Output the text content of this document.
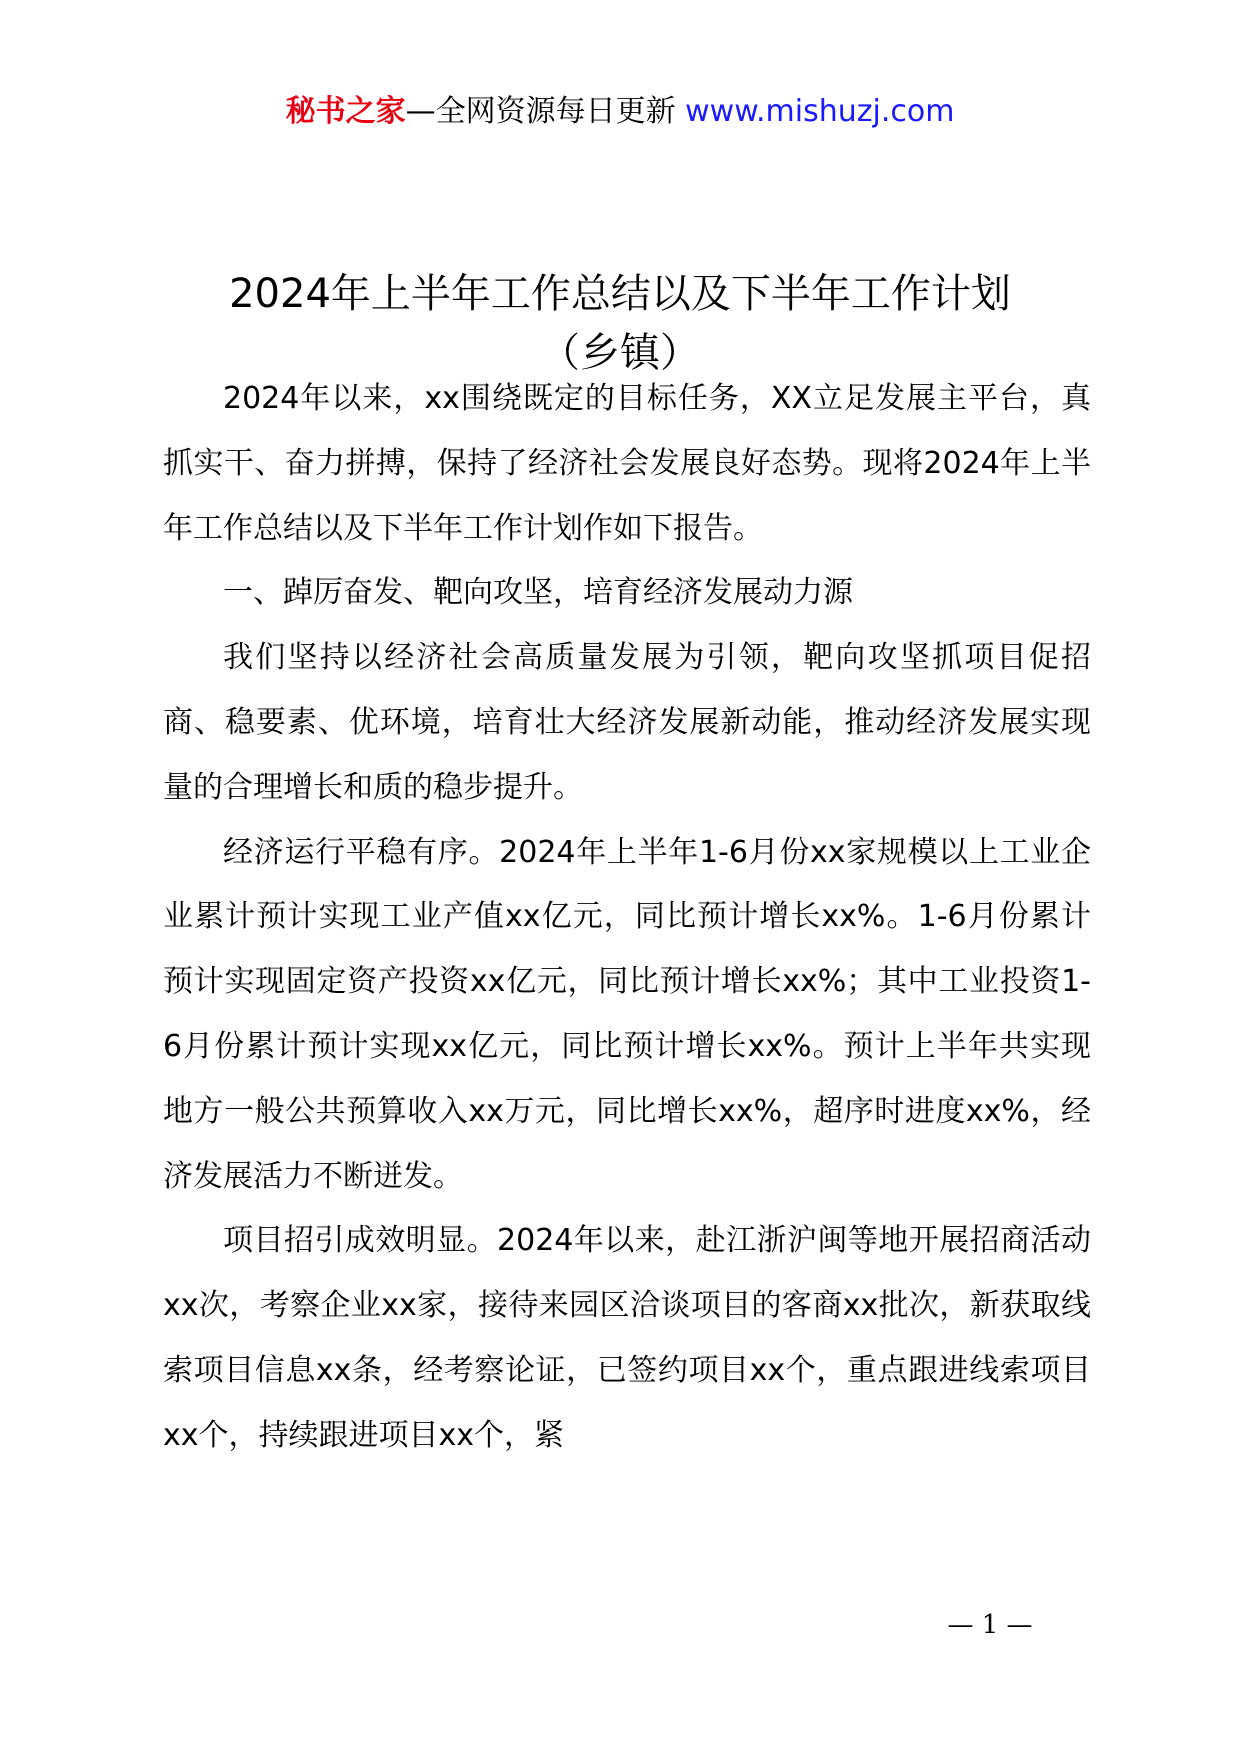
秘书之家—全网资源每日更新 www.mishuzj.com
2024年上半年工作总结以及下半年工作计划
（乡镇）

2024年以来，xx围绕既定的目标任务，XX立足发展主平台，真抓实干、奋力拼搏，保持了经济社会发展良好态势。现将2024年上半年工作总结以及下半年工作计划作如下报告。

一、踔厉奋发、靶向攻坚，培育经济发展动力源

我们坚持以经济社会高质量发展为引领，靶向攻坚抓项目促招商、稳要素、优环境，培育壮大经济发展新动能，推动经济发展实现量的合理增长和质的稳步提升。

经济运行平稳有序。2024年上半年1-6月份xx家规模以上工业企业累计预计实现工业产值xx亿元，同比预计增长xx%。1-6月份累计预计实现固定资产投资xx亿元，同比预计增长xx%；其中工业投资1-6月份累计预计实现xx亿元，同比预计增长xx%。预计上半年共实现地方一般公共预算收入xx万元，同比增长xx%，超序时进度xx%，经济发展活力不断迸发。

项目招引成效明显。2024年以来，赴江浙沪闽等地开展招商活动xx次，考察企业xx家，接待来园区洽谈项目的客商xx批次，新获取线索项目信息xx条，经考察论证，已签约项目xx个，重点跟进线索项目xx个，持续跟进项目xx个，紧

— 1 —
